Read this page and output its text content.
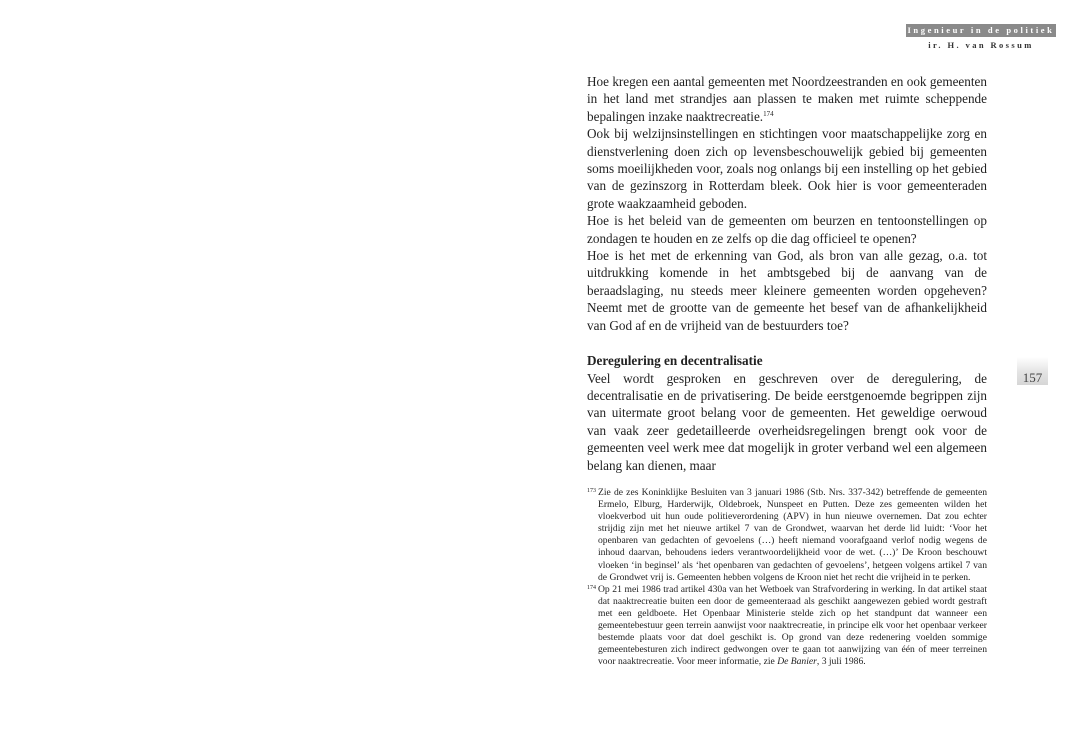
Ingenieur in de politiek
ir. H. van Rossum

Hoe kregen een aantal gemeenten met Noordzeestranden en ook gemeenten in het land met strandjes aan plassen te maken met ruimte scheppende bepalingen inzake naaktrecreatie.$^{174}$

Ook bij welzijnsinstellingen en stichtingen voor maatschappelijke zorg en dienstverlening doen zich op levensbeschouwelijk gebied bij gemeenten soms moeilijkheden voor, zoals nog onlangs bij een instelling op het gebied van de gezinszorg in Rotterdam bleek. Ook hier is voor gemeenteraden grote waakzaamheid geboden.

Hoe is het beleid van de gemeenten om beurzen en tentoonstellingen op zondagen te houden en ze zelfs op die dag officieel te openen?

Hoe is het met de erkenning van God, als bron van alle gezag, o.a. tot uitdrukking komende in het ambtsgebed bij de aanvang van de beraadslaging, nu steeds meer kleinere gemeenten worden opgeheven? Neemt met de grootte van de gemeente het besef van de afhankelijkheid van God af en de vrijheid van de bestuurders toe?

Deregulering en decentralisatie

Veel wordt gesproken en geschreven over de deregulering, de decentralisatie en de privatisering. De beide eerstgenoemde begrippen zijn van uitermate groot belang voor de gemeenten. Het geweldige oerwoud van vaak zeer gedetailleerde overheidsregelingen brengt ook voor de gemeenten veel werk mee dat mogelijk in groter verband wel een algemeen belang kan dienen, maar

157

173 Zie de zes Koninklijke Besluiten van 3 januari 1986 (Stb. Nrs. 337-342) betreffende de gemeenten Ermelo, Elburg, Harderwijk, Oldebroek, Nunspeet en Putten. Deze zes gemeenten wilden het vloekverbod uit hun oude politieverordening (APV) in hun nieuwe overnemen. Dat zou echter strijdig zijn met het nieuwe artikel 7 van de Grondwet, waarvan het derde lid luidt: ‘Voor het openbaren van gedachten of gevoelens (…) heeft niemand voorafgaand verlof nodig wegens de inhoud daarvan, behoudens ieders verantwoordelijkheid voor de wet. (…)’ De Kroon beschouwt vloeken ‘in beginsel’ als ‘het openbaren van gedachten of gevoelens’, hetgeen volgens artikel 7 van de Grondwet vrij is. Gemeenten hebben volgens de Kroon niet het recht die vrijheid in te perken.

174 Op 21 mei 1986 trad artikel 430a van het Wetboek van Strafvordering in werking. In dat artikel staat dat naaktrecreatie buiten een door de gemeenteraad als geschikt aangewezen gebied wordt gestraft met een geldboete. Het Openbaar Ministerie stelde zich op het standpunt dat wanneer een gemeentebestuur geen terrein aanwijst voor naaktrecreatie, in principe elk voor het openbaar verkeer bestemde plaats voor dat doel geschikt is. Op grond van deze redenering voelden sommige gemeentebesturen zich indirect gedwongen over te gaan tot aanwijzing van één of meer terreinen voor naaktrecreatie. Voor meer informatie, zie De Banier, 3 juli 1986.
